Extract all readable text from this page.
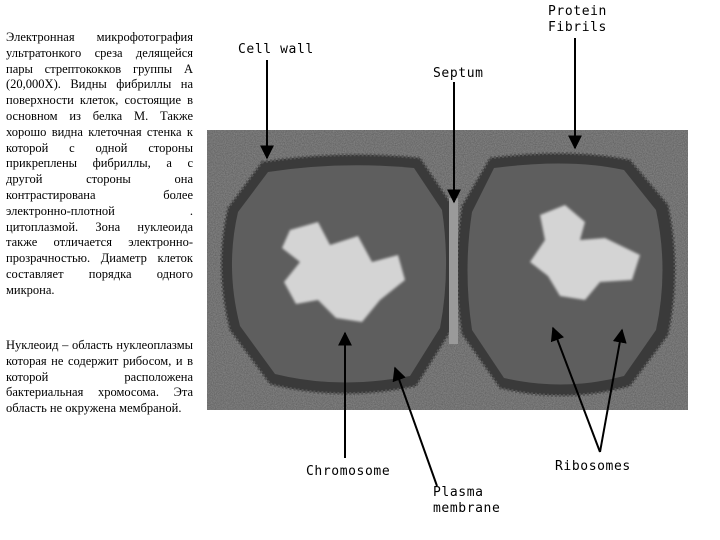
Электронная микрофотография ультратонкого среза делящейся пары стрептококков группы А (20,000X). Видны фибриллы на поверхности клеток, состоящие в основном из белка М. Также хорошо видна клеточная стенка к которой с одной стороны прикреплены фибриллы, а с другой стороны она контрастирована более электронно-плотной . цитоплазмой. Зона нуклеоида также отличается электронно-прозрачностью. Диаметр клеток составляет порядка одного микрона.

Нуклеоид – область нуклеоплазмы которая не содержит рибосом, и в которой расположена бактериальная хромосома. Эта область не окружена мембраной.

Cell wall
Septum
Protein
Fibrils
Chromosome
Plasma
membrane
Ribosomes
